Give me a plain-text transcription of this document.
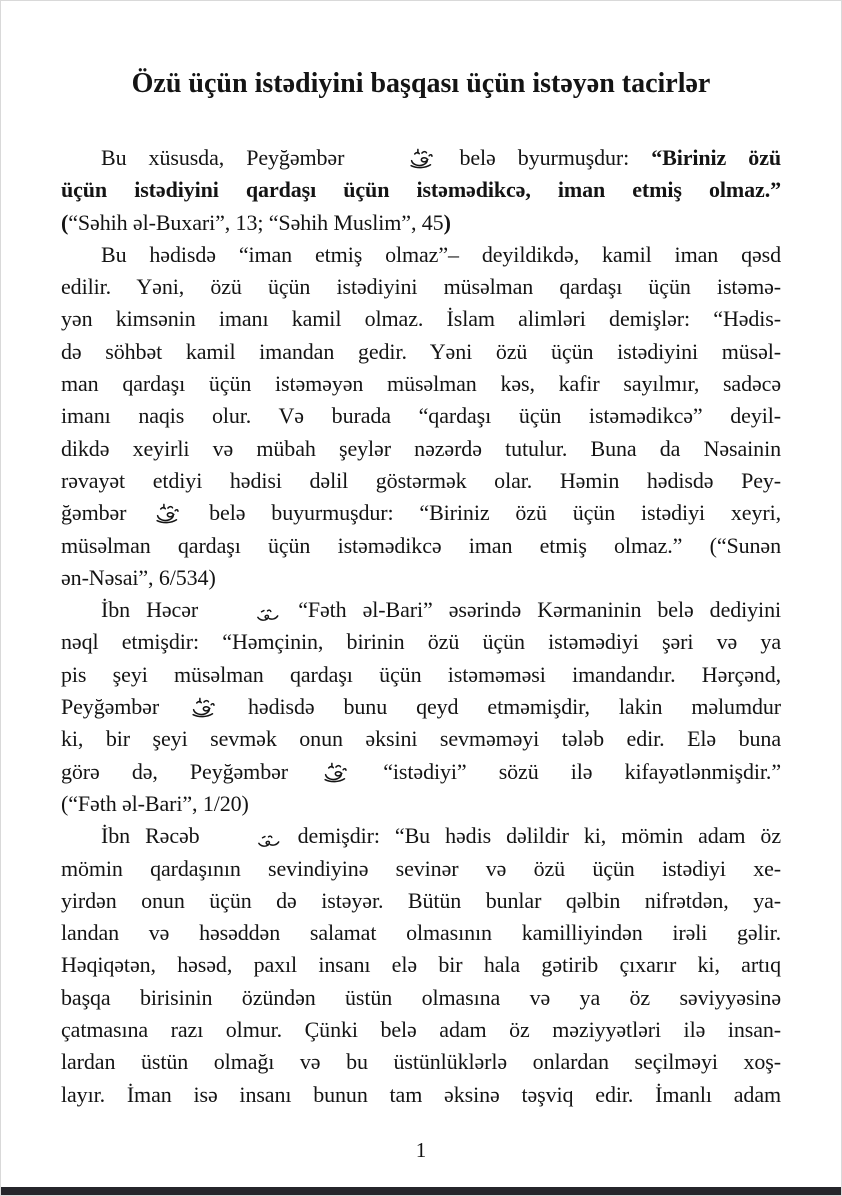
Özü üçün istədiyini başqası üçün istəyən tacirlər
Bu xüsusda, Peyğəmbər	belə byurmuşdur: “Biriniz özü
üçün istədiyini qardaşı üçün istəmədikcə, iman etmiş olmaz.”
(“Səhih əl-Buxari”, 13; “Səhih Muslim”, 45)
Bu hədisdə “iman etmiş olmaz”– deyildikdə, kamil iman qəsd
edilir. Yəni, özü üçün istədiyini müsəlman qardaşı üçün istəmə-
yən kimsənin imanı kamil olmaz. İslam alimləri demişlər: “Hədis-
də söhbət kamil imandan gedir. Yəni özü üçün istədiyini müsəl-
man qardaşı üçün istəməyən müsəlman kəs, kafir sayılmır, sadəcə
imanı naqis olur. Və burada “qardaşı üçün istəmədikcə” deyil-
dikdə xeyirli və mübah şeylər nəzərdə tutulur. Buna da Nəsainin
rəvayət etdiyi hədisi dəlil göstərmək olar. Həmin hədisdə Pey-
ğəmbər  belə buyurmuşdur: “Biriniz özü üçün istədiyi xeyri,
müsəlman qardaşı üçün istəmədikcə iman etmiş olmaz.” (“Sunən
ən-Nəsai”, 6/534)
İbn Həcər	“Fəth əl-Bari” əsərində Kərmaninin belə dediyini
nəql etmişdir: “Həmçinin, birinin özü üçün istəmədiyi şəri və ya
pis şeyi müsəlman qardaşı üçün istəməməsi imandandır. Hərçənd,
Peyğəmbər  hədisdə bunu qeyd etməmişdir, lakin məlumdur
ki, bir şeyi sevmək onun əksini sevməməyi tələb edir. Elə buna
görə də, Peyğəmbər  “istədiyi” sözü ilə kifayətlənmişdir.”
(“Fəth əl-Bari”, 1/20)
İbn Rəcəb	demişdir: “Bu hədis dəlildir ki, mömin adam öz
mömin qardaşının sevindiyinə sevinər və özü üçün istədiyi xe-
yirdən onun üçün də istəyər. Bütün bunlar qəlbin nifrətdən, ya-
landan və həsəddən salamat olmasının kamilliyindən irəli gəlir.
Həqiqətən, həsəd, paxıl insanı elə bir hala gətirib çıxarır ki, artıq
başqa birisinin özündən üstün olmasına və ya öz səviyyəsinə
çatmasına razı olmur. Çünki belə adam öz məziyyətləri ilə insan-
lardan üstün olmağı və bu üstünlüklərlə onlardan seçilməyi xoş-
layır. İman isə insanı bunun tam əksinə təşviq edir. İmanlı adam
1
